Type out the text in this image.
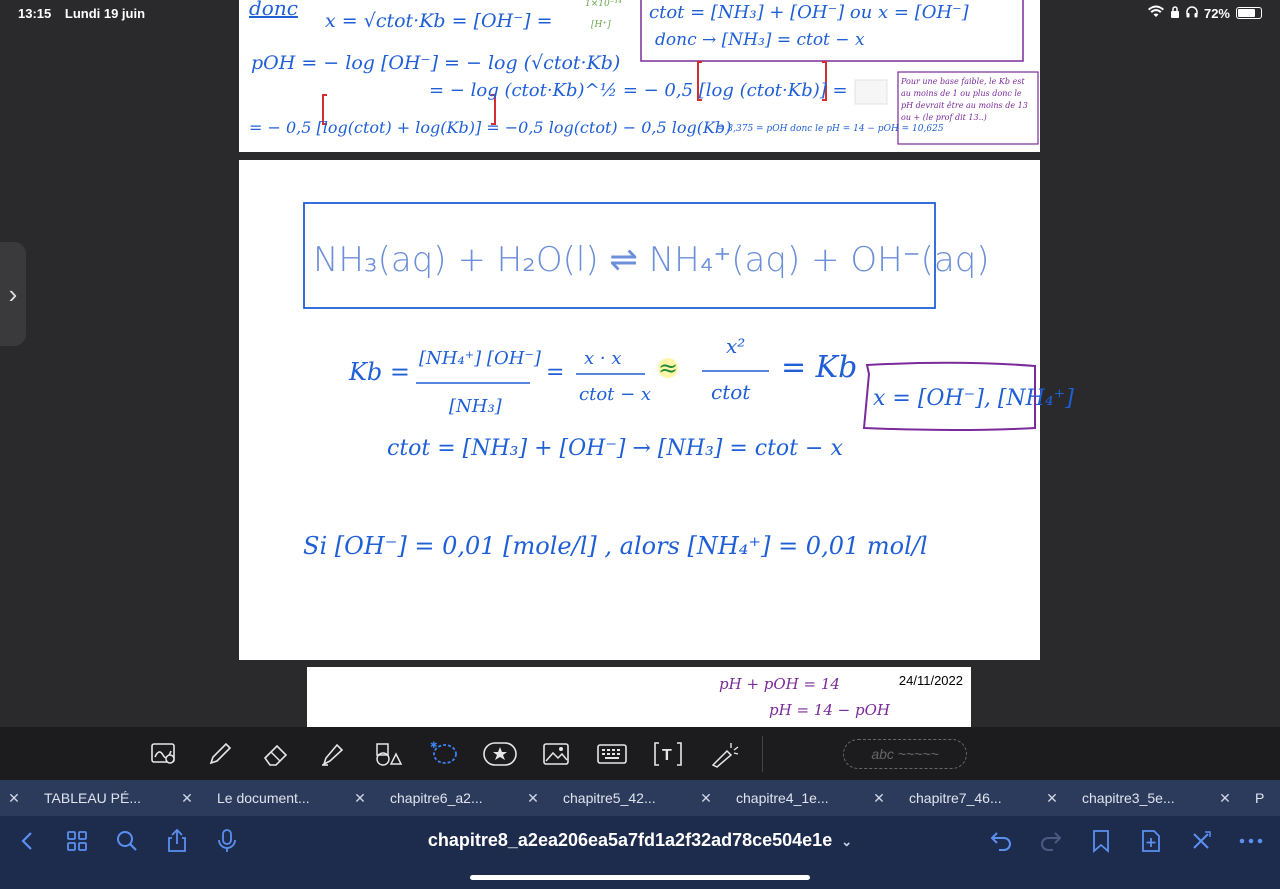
13:15 Lundi 19 juin	72%
›
donc
x = √ctot·Kb = [OH⁻] =
1×10⁻¹⁴
[H⁺]
ctot = [NH₃] + [OH⁻] ou x = [OH⁻]
donc → [NH₃] = ctot − x
pOH = − log [OH⁻] = − log (√ctot·Kb)
= − log (ctot·Kb)^½ = − 0,5 [log (ctot·Kb)] =
= − 0,5 [log(ctot) + log(Kb)] = −0,5 log(ctot) − 0,5 log(Kb)
= 3,375 = pOH donc le pH = 14 − pOH = 10,625
Pour une base faible, le Kb est au moins de 1 ou plus donc le pH devrait être au moins de 13 ou + (le prof dit 13..)
NH₃(aq) + H₂O(l) ⇌ NH₄⁺(aq) + OH⁻(aq)
Kb = [NH₄⁺] [OH⁻]
[NH₃]
=
x · x
ctot − x
≈
x²
ctot
= Kb
x = [OH⁻], [NH₄⁺]
ctot = [NH₃] + [OH⁻] → [NH₃] = ctot − x
Si [OH⁻] = 0,01 [mole/l] , alors [NH₄⁺] = 0,01 mol/l
24/11/2022
pH + pOH = 14
pH = 14 − pOH
✱
T	abc ~~~~~
✕	TABLEAU PÉ...	✕	Le document...	✕	chapitre6_a2...	✕	chapitre5_42...	✕	chapitre4_1e...	✕	chapitre7_46...	✕	chapitre3_5e...	✕	P
chapitre8_a2ea206ea5a7fd1a2f32ad78ce504e1e ⌄
